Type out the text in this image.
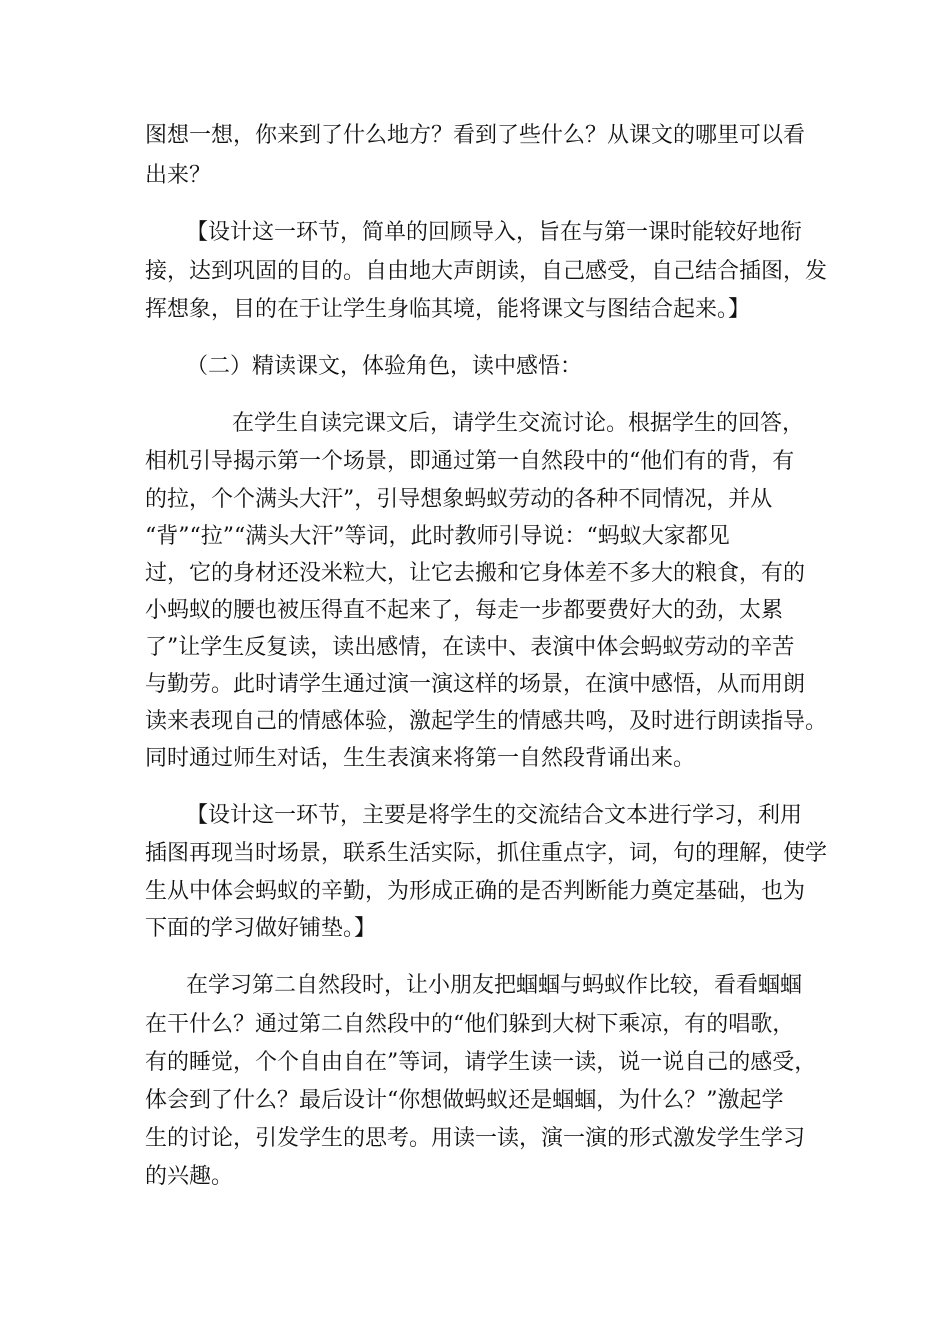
图想一想，你来到了什么地方？看到了些什么？从课文的哪里可以看
出来？
【设计这一环节，简单的回顾导入，旨在与第一课时能较好地衔
接，达到巩固的目的。自由地大声朗读，自己感受，自己结合插图，发
挥想象，目的在于让学生身临其境，能将课文与图结合起来。】
（二）精读课文，体验角色，读中感悟：
在学生自读完课文后，请学生交流讨论。根据学生的回答，
相机引导揭示第一个场景，即通过第一自然段中的“他们有的背，有
的拉，个个满头大汗”，引导想象蚂蚁劳动的各种不同情况，并从
“背”“拉”“满头大汗”等词，此时教师引导说：“蚂蚁大家都见
过，它的身材还没米粒大，让它去搬和它身体差不多大的粮食，有的
小蚂蚁的腰也被压得直不起来了，每走一步都要费好大的劲，太累
了”让学生反复读，读出感情，在读中、表演中体会蚂蚁劳动的辛苦
与勤劳。此时请学生通过演一演这样的场景，在演中感悟，从而用朗
读来表现自己的情感体验，激起学生的情感共鸣，及时进行朗读指导。
同时通过师生对话，生生表演来将第一自然段背诵出来。
【设计这一环节，主要是将学生的交流结合文本进行学习，利用
插图再现当时场景，联系生活实际，抓住重点字，词，句的理解，使学
生从中体会蚂蚁的辛勤，为形成正确的是否判断能力奠定基础，也为
下面的学习做好铺垫。】
在学习第二自然段时，让小朋友把蝈蝈与蚂蚁作比较，看看蝈蝈
在干什么？通过第二自然段中的“他们躲到大树下乘凉，有的唱歌，
有的睡觉，个个自由自在”等词，请学生读一读，说一说自己的感受，
体会到了什么？最后设计“你想做蚂蚁还是蝈蝈，为什么？”激起学
生的讨论，引发学生的思考。用读一读，演一演的形式激发学生学习
的兴趣。
